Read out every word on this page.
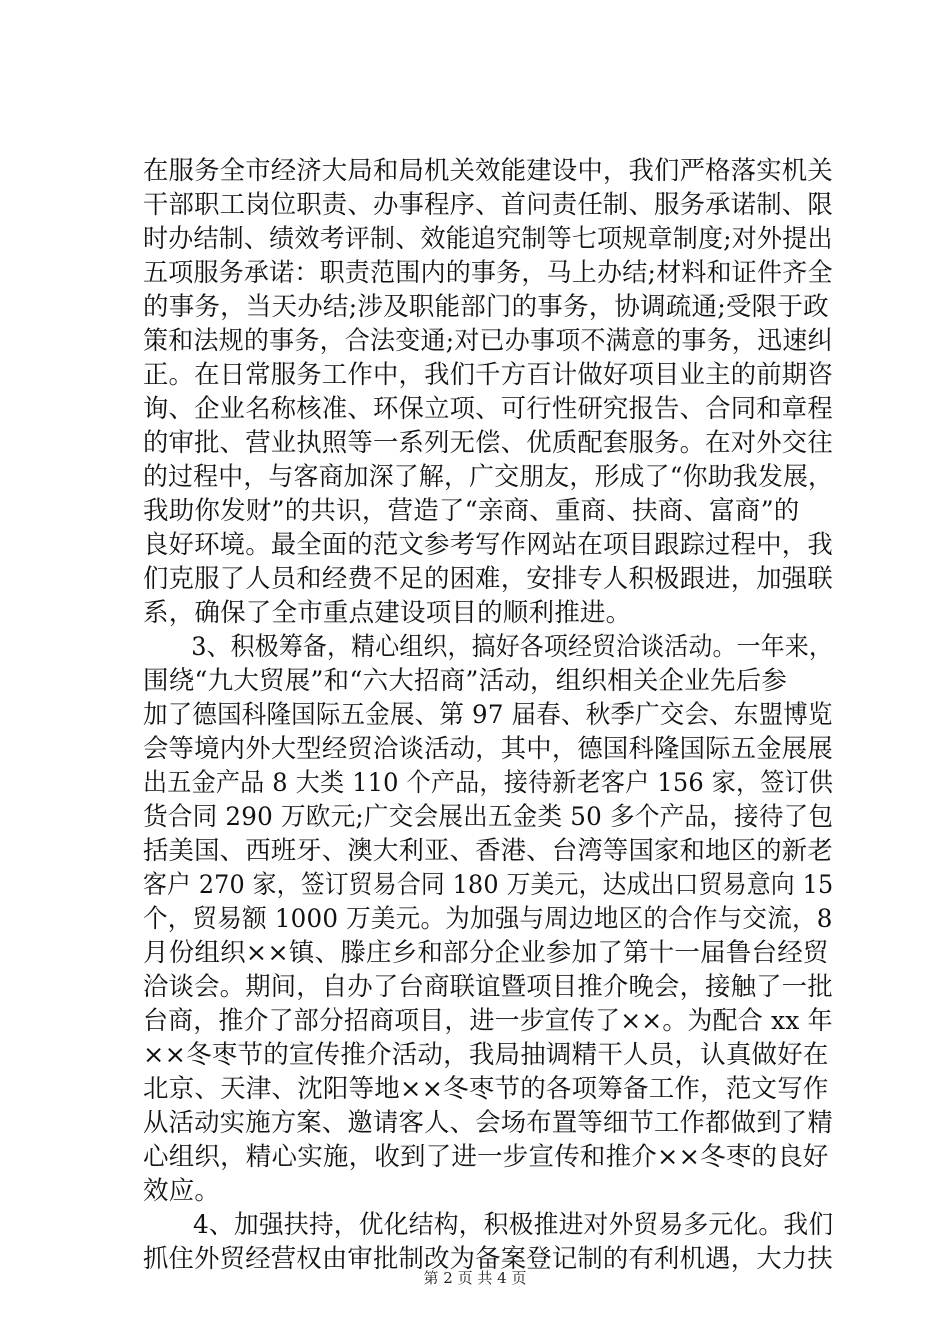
在服务全市经济大局和局机关效能建设中，我们严格落实机关
干部职工岗位职责、办事程序、首问责任制、服务承诺制、限
时办结制、绩效考评制、效能追究制等七项规章制度;对外提出
五项服务承诺：职责范围内的事务，马上办结;材料和证件齐全
的事务，当天办结;涉及职能部门的事务，协调疏通;受限于政
策和法规的事务，合法变通;对已办事项不满意的事务，迅速纠
正。在日常服务工作中，我们千方百计做好项目业主的前期咨
询、企业名称核准、环保立项、可行性研究报告、合同和章程
的审批、营业执照等一系列无偿、优质配套服务。在对外交往
的过程中，与客商加深了解，广交朋友，形成了“你助我发展，
我助你发财”的共识，营造了“亲商、重商、扶商、富商”的
良好环境。最全面的范文参考写作网站在项目跟踪过程中，我
们克服了人员和经费不足的困难，安排专人积极跟进，加强联
系，确保了全市重点建设项目的顺利推进。
　　3、积极筹备，精心组织，搞好各项经贸洽谈活动。一年来，
围绕“九大贸展”和“六大招商”活动，组织相关企业先后参
加了德国科隆国际五金展、第 97 届春、秋季广交会、东盟博览
会等境内外大型经贸洽谈活动，其中，德国科隆国际五金展展
出五金产品 8 大类 110 个产品，接待新老客户 156 家，签订供
货合同 290 万欧元;广交会展出五金类 50 多个产品，接待了包
括美国、西班牙、澳大利亚、香港、台湾等国家和地区的新老
客户 270 家，签订贸易合同 180 万美元，达成出口贸易意向 15
个，贸易额 1000 万美元。为加强与周边地区的合作与交流，8
月份组织××镇、滕庄乡和部分企业参加了第十一届鲁台经贸
洽谈会。期间，自办了台商联谊暨项目推介晚会，接触了一批
台商，推介了部分招商项目，进一步宣传了××。为配合 xx 年
××冬枣节的宣传推介活动，我局抽调精干人员，认真做好在
北京、天津、沈阳等地××冬枣节的各项筹备工作，范文写作
从活动实施方案、邀请客人、会场布置等细节工作都做到了精
心组织，精心实施，收到了进一步宣传和推介××冬枣的良好
效应。
　　4、加强扶持，优化结构，积极推进对外贸易多元化。我们
抓住外贸经营权由审批制改为备案登记制的有利机遇，大力扶
第 2 页 共 4 页
